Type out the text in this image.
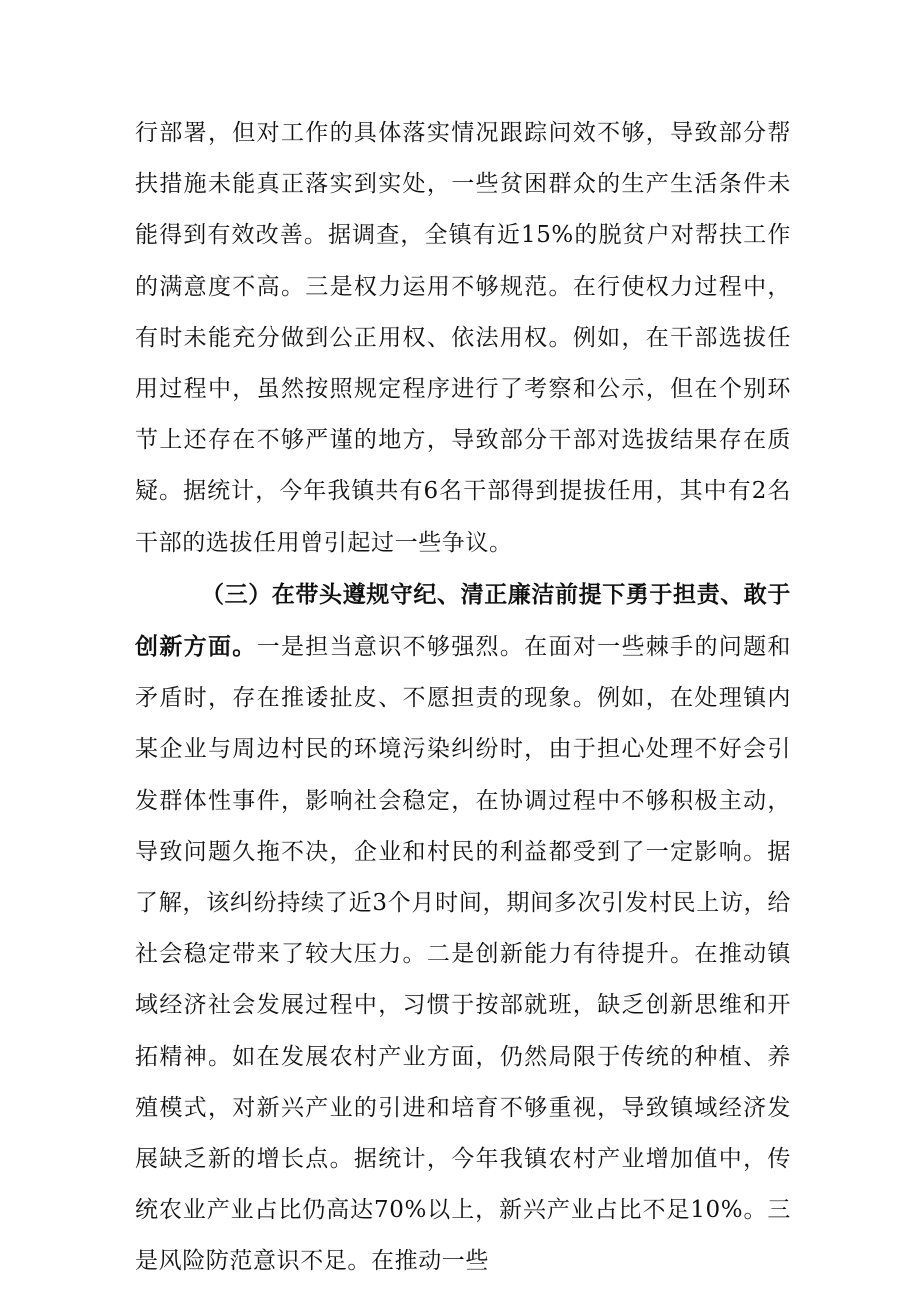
行部署，但对工作的具体落实情况跟踪问效不够，导致部分帮扶措施未能真正落实到实处，一些贫困群众的生产生活条件未能得到有效改善。据调查，全镇有近15%的脱贫户对帮扶工作的满意度不高。三是权力运用不够规范。在行使权力过程中，有时未能充分做到公正用权、依法用权。例如，在干部选拔任用过程中，虽然按照规定程序进行了考察和公示，但在个别环节上还存在不够严谨的地方，导致部分干部对选拔结果存在质疑。据统计，今年我镇共有6名干部得到提拔任用，其中有2名干部的选拔任用曾引起过一些争议。

（三）在带头遵规守纪、清正廉洁前提下勇于担责、敢于创新方面。一是担当意识不够强烈。在面对一些棘手的问题和矛盾时，存在推诿扯皮、不愿担责的现象。例如，在处理镇内某企业与周边村民的环境污染纠纷时，由于担心处理不好会引发群体性事件，影响社会稳定，在协调过程中不够积极主动，导致问题久拖不决，企业和村民的利益都受到了一定影响。据了解，该纠纷持续了近3个月时间，期间多次引发村民上访，给社会稳定带来了较大压力。二是创新能力有待提升。在推动镇域经济社会发展过程中，习惯于按部就班，缺乏创新思维和开拓精神。如在发展农村产业方面，仍然局限于传统的种植、养殖模式，对新兴产业的引进和培育不够重视，导致镇域经济发展缺乏新的增长点。据统计，今年我镇农村产业增加值中，传统农业产业占比仍高达70%以上，新兴产业占比不足10%。三是风险防范意识不足。在推动一些
